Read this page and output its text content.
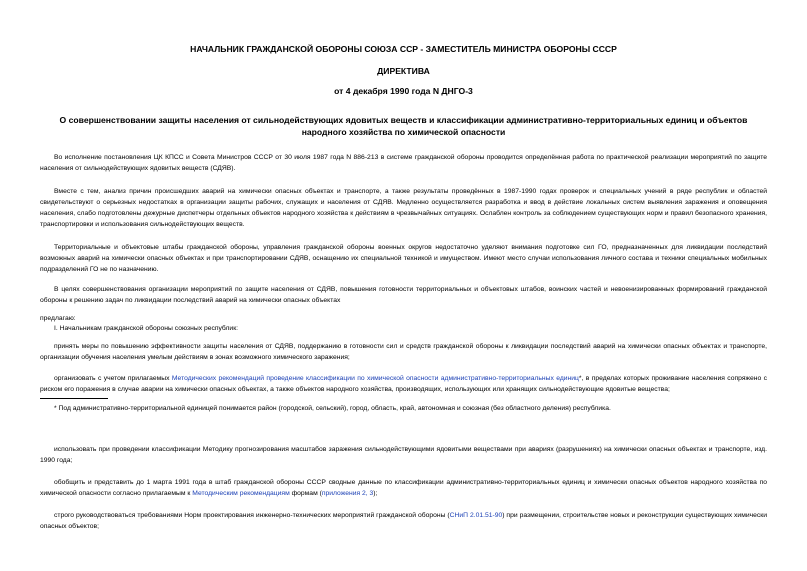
НАЧАЛЬНИК ГРАЖДАНСКОЙ ОБОРОНЫ СОЮЗА ССР - ЗАМЕСТИТЕЛЬ МИНИСТРА ОБОРОНЫ СССР
ДИРЕКТИВА
от 4 декабря 1990 года N ДНГО-3
О совершенствовании защиты населения от сильнодействующих ядовитых веществ и классификации административно-территориальных единиц и объектов народного хозяйства по химической опасности
Во исполнение постановления ЦК КПСС и Совета Министров СССР от 30 июля 1987 года N 886-213 в системе гражданской обороны проводится определённая работа по практической реализации мероприятий по защите населения от сильнодействующих ядовитых веществ (СДЯВ).
Вместе с тем, анализ причин происшедших аварий на химически опасных объектах и транспорте, а также результаты проведённых в 1987-1990 годах проверок и специальных учений в ряде республик и областей свидетельствуют о серьезных недостатках в организации защиты рабочих, служащих и населения от СДЯВ. Медленно осуществляется разработка и ввод в действие локальных систем выявления заражения и оповещения населения, слабо подготовлены дежурные диспетчеры отдельных объектов народного хозяйства к действиям в чрезвычайных ситуациях. Ослаблен контроль за соблюдением существующих норм и правил безопасного хранения, транспортировки и использования сильнодействующих веществ.
Территориальные и объектовые штабы гражданской обороны, управления гражданской обороны военных округов недостаточно уделяют внимания подготовке сил ГО, предназначенных для ликвидации последствий возможных аварий на химически опасных объектах и при транспортировании СДЯВ, оснащению их специальной техникой и имуществом. Имеют место случаи использования личного состава и техники специальных мобильных подразделений ГО не по назначению.
В целях совершенствования организации мероприятий по защите населения от СДЯВ, повышения готовности территориальных и объектовых штабов, воинских частей и невоенизированных формирований гражданской обороны к решению задач по ликвидации последствий аварий на химически опасных объектах
предлагаю:
I. Начальникам гражданской обороны союзных республик:
принять меры по повышению эффективности защиты населения от СДЯВ, поддержанию в готовности сил и средств гражданской обороны к ликвидации последствий аварий на химически опасных объектах и транспорте, организации обучения населения умелым действиям в зонах возможного химического заражения;
организовать с учетом прилагаемых Методических рекомендаций проведение классификации по химической опасности административно-территориальных единиц*, в пределах которых проживание населения сопряжено с риском его поражения в случае аварии на химически опасных объектах, а также объектов народного хозяйства, производящих, использующих или хранящих сильнодействующие ядовитые вещества;
* Под административно-территориальной единицей понимается район (городской, сельский), город, область, край, автономная и союзная (без областного деления) республика.
использовать при проведении классификации Методику прогнозирования масштабов заражения сильнодействующими ядовитыми веществами при авариях (разрушениях) на химически опасных объектах и транспорте, изд. 1990 года;
обобщить и представить до 1 марта 1991 года в штаб гражданской обороны СССР сводные данные по классификации административно-территориальных единиц и химически опасных объектов народного хозяйства по химической опасности согласно прилагаемым к Методическим рекомендациям формам (приложения 2, 3);
строго руководствоваться требованиями Норм проектирования инженерно-технических мероприятий гражданской обороны (СНиП 2.01.51-90) при размещении, строительстве новых и реконструкции существующих химически опасных объектов;
